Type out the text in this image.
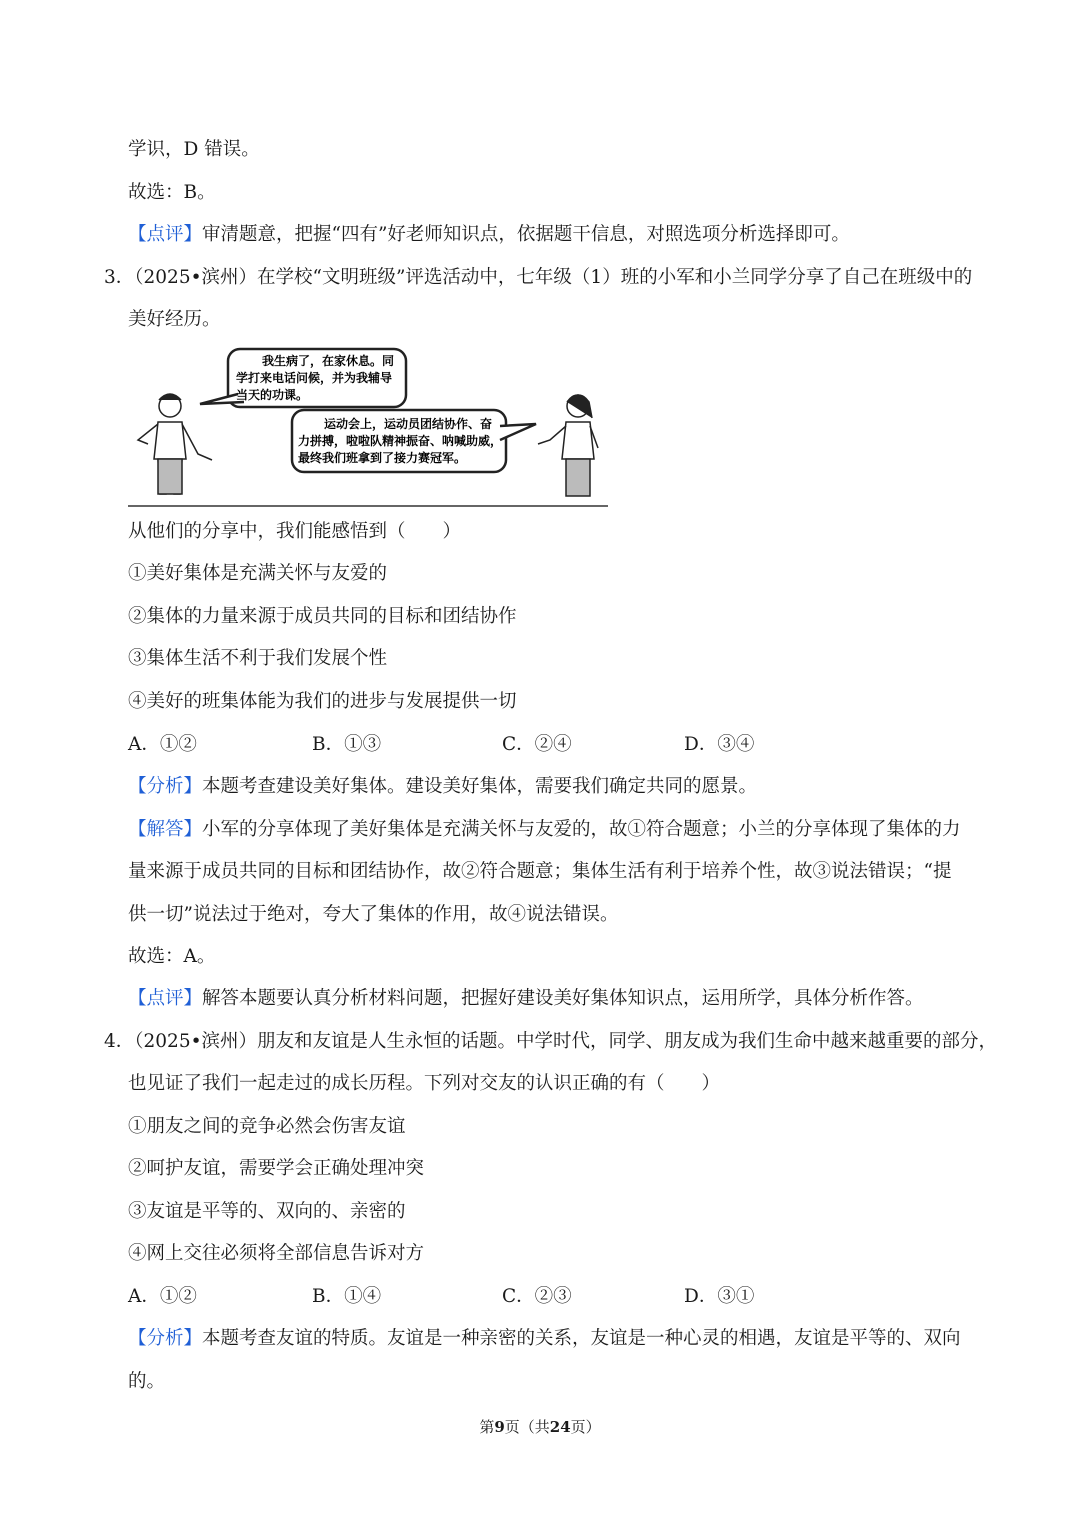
学识，D 错误。
故选：B。
【点评】审清题意，把握“四有”好老师知识点，依据题干信息，对照选项分析选择即可。
3．（2025•滨州）在学校“文明班级”评选活动中，七年级（1）班的小军和小兰同学分享了自己在班级中的
美好经历。
我生病了，在家休息。同
学打来电话问候，并为我辅导
当天的功课。
运动会上，运动员团结协作、奋
力拼搏，啦啦队精神振奋、呐喊助威，
最终我们班拿到了接力赛冠军。
从他们的分享中，我们能感悟到（　　）
①美好集体是充满关怀与友爱的
②集体的力量来源于成员共同的目标和团结协作
③集体生活不利于我们发展个性
④美好的班集体能为我们的进步与发展提供一切
A．①②	B．①③	C．②④	D．③④
【分析】本题考查建设美好集体。建设美好集体，需要我们确定共同的愿景。
【解答】小军的分享体现了美好集体是充满关怀与友爱的，故①符合题意；小兰的分享体现了集体的力
量来源于成员共同的目标和团结协作，故②符合题意；集体生活有利于培养个性，故③说法错误；“提
供一切”说法过于绝对，夸大了集体的作用，故④说法错误。
故选：A。
【点评】解答本题要认真分析材料问题，把握好建设美好集体知识点，运用所学，具体分析作答。
4．（2025•滨州）朋友和友谊是人生永恒的话题。中学时代，同学、朋友成为我们生命中越来越重要的部分，
也见证了我们一起走过的成长历程。下列对交友的认识正确的有（　　）
①朋友之间的竞争必然会伤害友谊
②呵护友谊，需要学会正确处理冲突
③友谊是平等的、双向的、亲密的
④网上交往必须将全部信息告诉对方
A．①②	B．①④	C．②③	D．③①
【分析】本题考查友谊的特质。友谊是一种亲密的关系，友谊是一种心灵的相遇，友谊是平等的、双向
的。
第9页（共24页）
